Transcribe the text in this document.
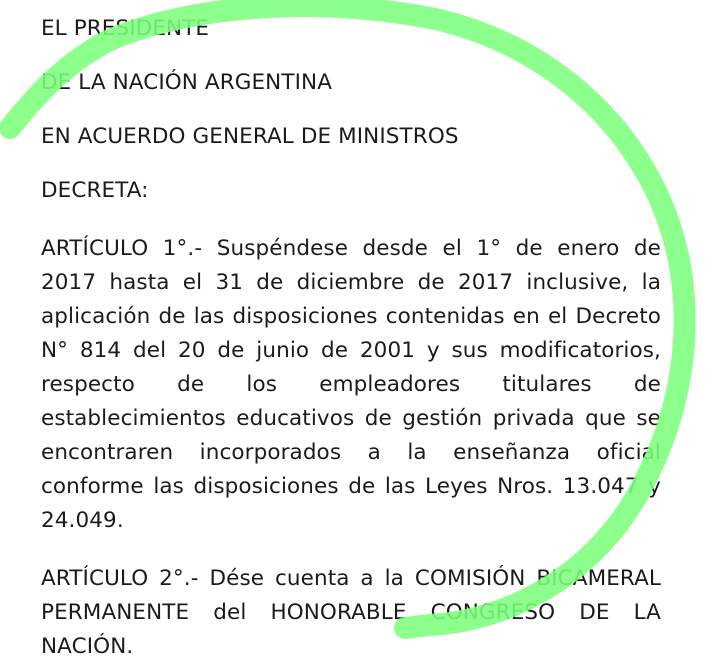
EL PRESIDENTE

DE LA NACIÓN ARGENTINA

EN ACUERDO GENERAL DE MINISTROS

DECRETA:

ARTÍCULO 1°.- Suspéndese desde el 1° de enero de 2017 hasta el 31 de diciembre de 2017 inclusive, la aplicación de las disposiciones contenidas en el Decreto N° 814 del 20 de junio de 2001 y sus modificatorios, respecto de los empleadores titulares de establecimientos educativos de gestión privada que se encontraren incorporados a la enseñanza oficial conforme las disposiciones de las Leyes Nros. 13.047 y 24.049.

ARTÍCULO 2°.- Dése cuenta a la COMISIÓN BICAMERAL PERMANENTE del HONORABLE CONGRESO DE LA NACIÓN.
